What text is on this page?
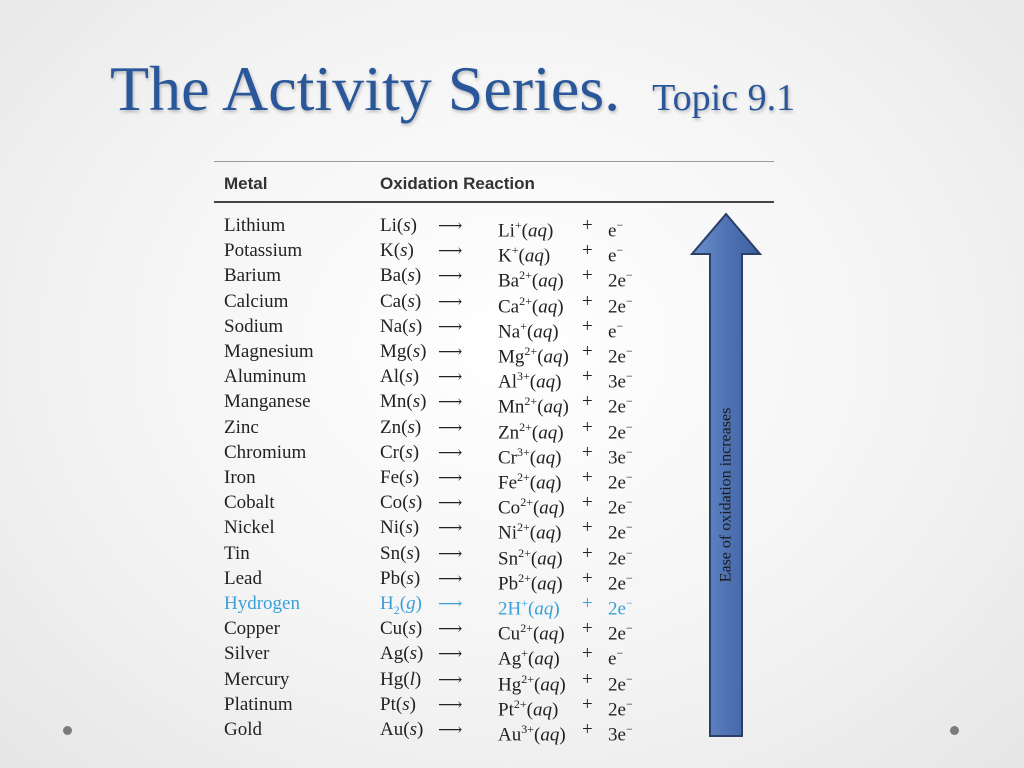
The Activity Series. Topic 9.1
Metal	Oxidation Reaction
Lithium	Li(s) ⟶ Li+(aq) + e−
Potassium	K(s) ⟶ K+(aq) + e−
Barium	Ba(s) ⟶ $Ba^{2+}(aq) + 2e^-$
Calcium	Ca(s) ⟶ $Ca^{2+}(aq) + 2e^-$
Sodium	Na(s) ⟶ Na+(aq) + e−
Magnesium	Mg(s) ⟶ $Mg^{2+}(aq) + 2e^-$
Aluminum	Al(s) ⟶ $Al^{3+}(aq) + 3e^-$
Manganese	Mn(s) ⟶ $Mn^{2+}(aq) + 2e^-$
Zinc	Zn(s) ⟶ $Zn^{2+}(aq) + 2e^-$
Chromium	Cr(s) ⟶ $Cr^{3+}(aq) + 3e^-$
Iron	Fe(s) ⟶ $Fe^{2+}(aq) + 2e^-$
Cobalt	Co(s) ⟶ $Co^{2+}(aq) + 2e^-$
Nickel	Ni(s) ⟶ $Ni^{2+}(aq) + 2e^-$
Tin	Sn(s) ⟶ $Sn^{2+}(aq) + 2e^-$
Lead	Pb(s) ⟶ $Pb^{2+}(aq) + 2e^-$
Hydrogen	$H_2(g)$ ⟶ 2H+(aq) + 2e−
Copper	Cu(s) ⟶ $Cu^{2+}(aq) + 2e^-$
Silver	Ag(s) ⟶ Ag+(aq) + e−
Mercury	Hg(l) ⟶ $Hg^{2+}(aq) + 2e^-$
Platinum	Pt(s) ⟶ $Pt^{2+}(aq) + 2e^-$
Gold	Au(s) ⟶ $Au^{3+}(aq) + 3e^-$
Ease of oxidation increases
